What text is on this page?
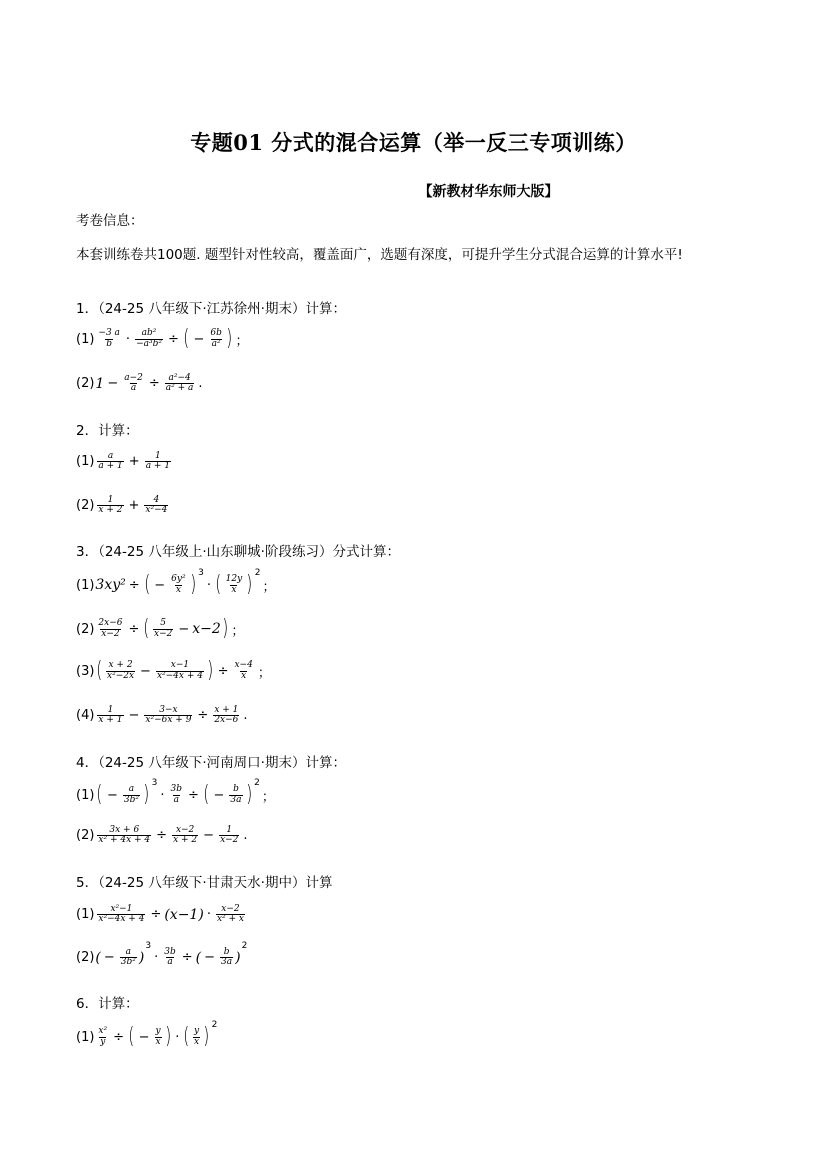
专题01 分式的混合运算（举一反三专项训练）
【新教材华东师大版】
考卷信息：
本套训练卷共100题. 题型针对性较高，覆盖面广，选题有深度，可提升学生分式混合运算的计算水平!
1．（24-25 八年级下·江苏徐州·期末）计算：
$(1) \frac{-3 a}{b} \cdot \frac{\text{ab²}}{\text{−a³b²}}$ ÷ ( − $\frac{6b}{\text{a²}}$ ) ；
(2) $1 - \frac{a-2}{a} \div \frac{\text{a²−4}}{\text{a² + a}}$ .
2．计算：
$(1) \frac{a}{a + 1} + \frac{1}{a + 1}$
$(2) \frac{1}{x + 2} + \frac{4}{\text{x²−4}}$
3．（24-25 八年级上·山东聊城·阶段练习）分式计算：
(1) 3xy² ÷ ( − $\frac{\text{6y²}}{x}$ ) 3
· ( $\frac{12y}{x}$ ) 2
；
$(2) \frac{2x-6}{x-2}$ ÷ ( $\frac{5}{x-2} - x-2$ ) ；
(3) ( $\frac{x + 2}{\text{x²−2x}} - \frac{x-1}{\text{x²−4x + 4}}$ ) ÷ $\frac{x-4}{x}$ ；
$(4) \frac{1}{x + 1} - \frac{3-x}{\text{x²−6x + 9}} \div \frac{x + 1}{2x-6}$ .
4．（24-25 八年级下·河南周口·期末）计算：
(1) ( − $\frac{a}{\text{3b²}}$ ) 3
· $\frac{3b}{a}$ ÷ ( − $\frac{b}{3a}$ ) 2
；
$(2) \frac{3x + 6}{\text{x² + 4x + 4}} \div \frac{x-2}{x + 2} - \frac{1}{x-2}$ .
5．（24-25 八年级下·甘肃天水·期中）计算
$(1) \frac{\text{x²−1}}{\text{x²−4x + 4}} \div (x-1) \cdot \frac{x-2}{\text{x² + x}}$
(2) ( − $\frac{a}{\text{3b²}}$ )
3
· $\frac{3b}{a}$ ÷ ( − $\frac{b}{3a}$ )
2
6．计算：
$(1) \frac{\text{x²}}{y}$ ÷ ( − $\frac{y}{x}$ ) · ( $\frac{y}{x}$ ) 2
